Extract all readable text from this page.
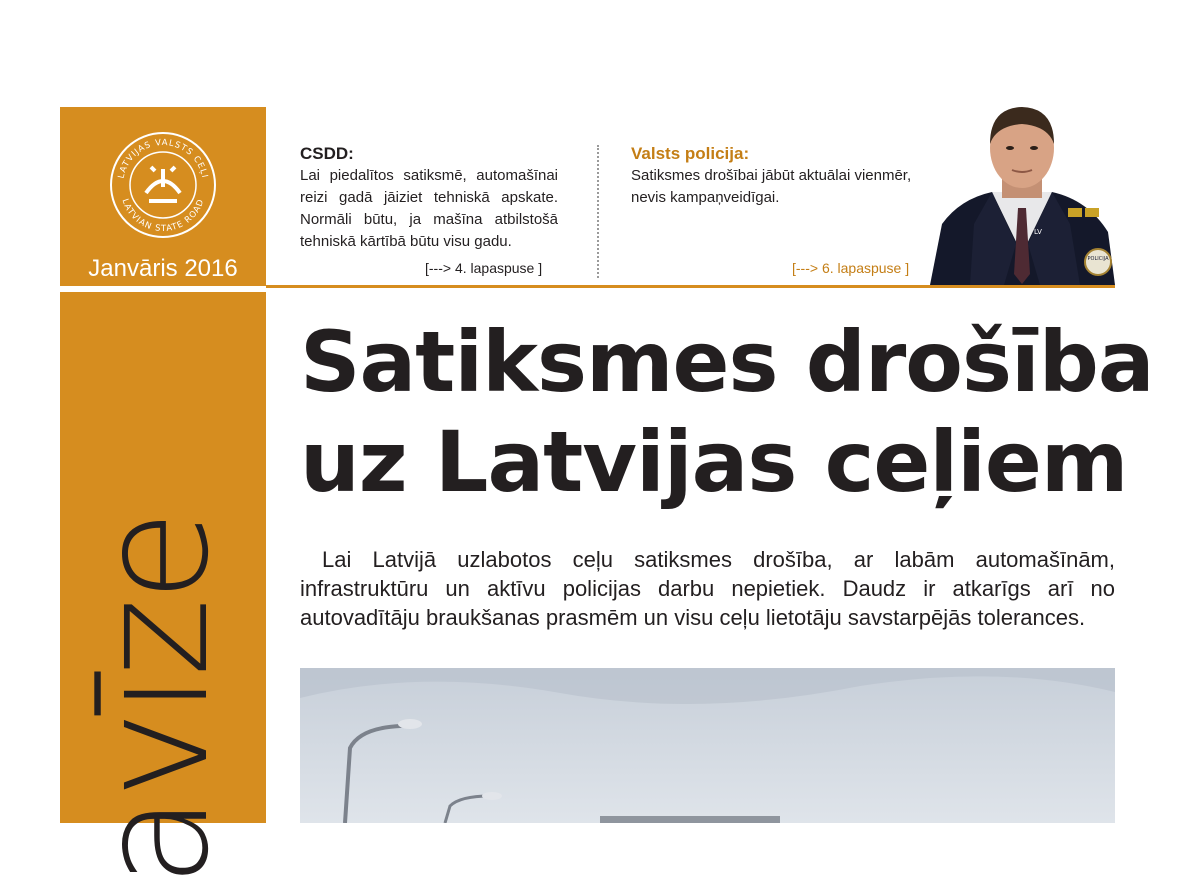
LATVIJAS VALSTS CEĻI
LATVIAN STATE ROAD
Janvāris 2016
avīze
CSDD:
Lai piedalītos satiksmē, automašīnai reizi gadā jāiziet tehniskā apskate. Normāli būtu, ja mašīna atbilstošā tehniskā kārtībā būtu visu gadu.
[---> 4. lapaspuse ]
Valsts policija:
Satiksmes drošībai jābūt aktuālai vienmēr, nevis kampaņveidīgai.
[---> 6. lapaspuse ]
LV
POLICIJA
Satiksmes drošība
uz Latvijas ceļiem

Lai Latvijā uzlabotos ceļu satiksmes drošība, ar labām automašīnām, infrastruktūru un aktīvu policijas darbu nepietiek. Daudz ir atkarīgs arī no autovadītāju braukšanas prasmēm un visu ceļu lietotāju savstarpējās tolerances.
